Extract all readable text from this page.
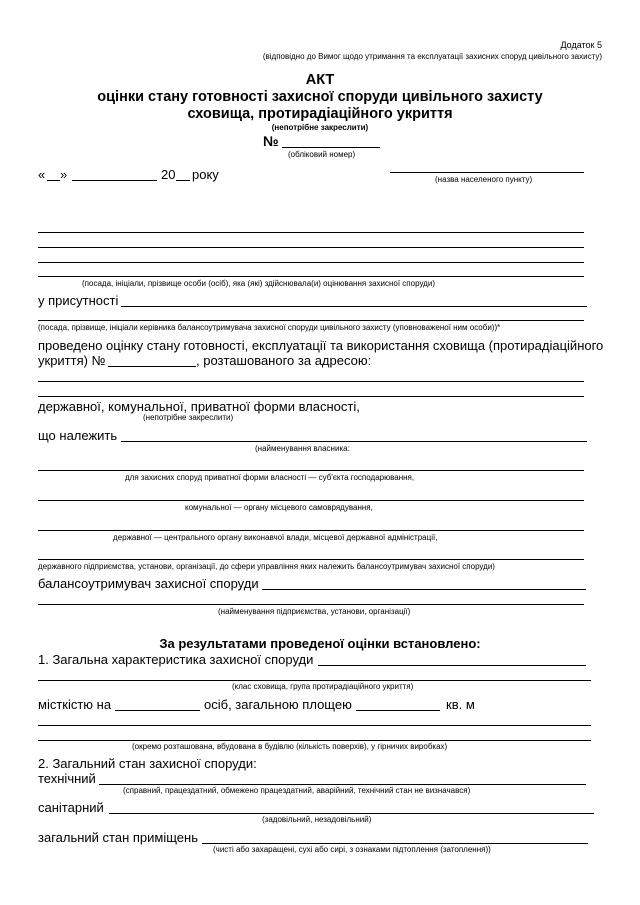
Додаток 5
(відповідно до Вимог щодо утримання та експлуатації захисних споруд цивільного захисту)
АКТ
оцінки стану готовності захисної споруди цивільного захисту
сховища, протирадіаційного укриття
(непотрібне закреслити)
№
(обліковий номер)
« »	20 року	(назва населеного пункту)
(посада, ініціали, прізвище особи (осіб), яка (які) здійснювала(и) оцінювання захисної споруди)
у присутності
(посада, прізвище, ініціали керівника балансоутримувача захисної споруди цивільного захисту (уповноваженої ним особи))*
проведено оцінку стану готовності, експлуатації та використання сховища (протирадіаційного
укриття) №	, розташованого за адресою:
державної, комунальної, приватної форми власності,
(непотрібне закреслити)
що належить
(найменування власника:
для захисних споруд приватної форми власності — суб'єкта господарювання,
комунальної — органу місцевого самоврядування,
державної — центрального органу виконавчої влади, місцевої державної адміністрації,
державного підприємства, установи, організації, до сфери управління яких належить балансоутримувач захисної споруди)
балансоутримувач захисної споруди
(найменування підприємства, установи, організації)
За результатами проведеної оцінки встановлено:
1. Загальна характеристика захисної споруди
(клас сховища, група протирадіаційного укриття)
місткістю на	осіб, загальною площею	кв. м
(окремо розташована, вбудована в будівлю (кількість поверхів), у гірничих виробках)
2. Загальний стан захисної споруди:
технічний
(справний, працездатний, обмежено працездатний, аварійний, технічний стан не визначався)
санітарний
(задовільний, незадовільний)
загальний стан приміщень
(чисті або захаращені, сухі або сирі, з ознаками підтоплення (затоплення))
